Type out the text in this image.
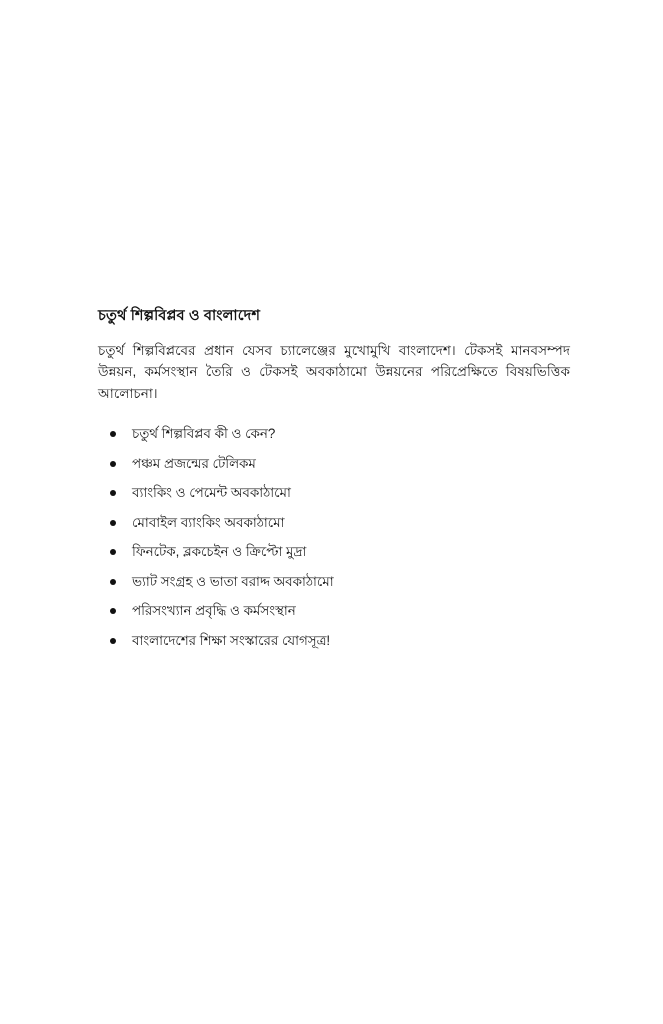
চতুর্থ শিল্পবিপ্লব ও বাংলাদেশ

চতুর্থ শিল্পবিপ্লবের প্রধান যেসব চ্যালেঞ্জের মুখোমুখি বাংলাদেশ। টেকসই মানবসম্পদ উন্নয়ন, কর্মসংস্থান তৈরি ও টেকসই অবকাঠামো উন্নয়নের পরিপ্রেক্ষিতে বিষয়ভিত্তিক আলোচনা।

চতুর্থ শিল্পবিপ্লব কী ও কেন?
পঞ্চম প্রজন্মের টেলিকম
ব্যাংকিং ও পেমেন্ট অবকাঠামো
মোবাইল ব্যাংকিং অবকাঠামো
ফিনটেক, ব্লকচেইন ও ক্রিপ্টো মুদ্রা
ভ্যাট সংগ্রহ ও ভাতা বরাদ্দ অবকাঠামো
পরিসংখ্যান প্রবৃদ্ধি ও কর্মসংস্থান
বাংলাদেশের শিক্ষা সংস্কারের যোগসূত্র!
